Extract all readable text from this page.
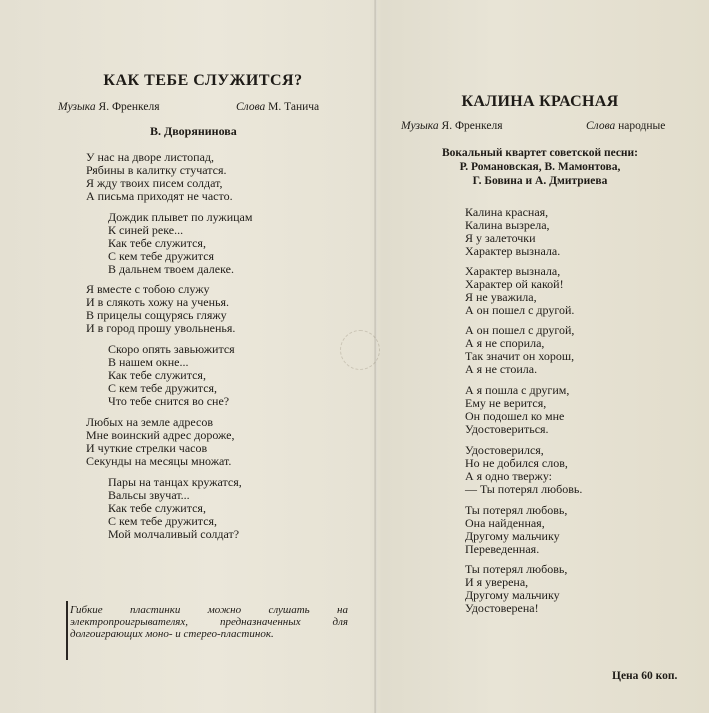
КАК ТЕБЕ СЛУЖИТСЯ?
Музыка Я. Френкеля	Слова М. Танича
В. Дворянинова
У нас на дворе листопад,
Рябины в калитку стучатся.
Я жду твоих писем солдат,
А письма приходят не часто.
Дождик плывет по лужицам
К синей реке...
Как тебе служится,
С кем тебе дружится
В дальнем твоем далеке.
Я вместе с тобою служу
И в слякоть хожу на ученья.
В прицелы сощурясь гляжу
И в город прошу увольненья.
Скоро опять завьюжится
В нашем окне...
Как тебе служится,
С кем тебе дружится,
Что тебе снится во сне?
Любых на земле адресов
Мне воинский адрес дороже,
И чуткие стрелки часов
Секунды на месяцы множат.
Пары на танцах кружатся,
Вальсы звучат...
Как тебе служится,
С кем тебе дружится,
Мой молчаливый солдат?
Гибкие пластинки можно слушать на электропроигрывателях, предназначенных для долгоиграющих моно- и стерео-пластинок.
КАЛИНА КРАСНАЯ
Музыка Я. Френкеля	Слова народные
Вокальный квартет советской песни:
Р. Романовская, В. Мамонтова,
Г. Бовина и А. Дмитриева
Калина красная,
Калина вызрела,
Я у залеточки
Характер вызнала.
Характер вызнала,
Характер ой какой!
Я не уважила,
А он пошел с другой.
А он пошел с другой,
А я не спорила,
Так значит он хорош,
А я не стоила.
А я пошла с другим,
Ему не верится,
Он подошел ко мне
Удостовериться.
Удостоверился,
Но не добился слов,
А я одно твержу:
— Ты потерял любовь.
Ты потерял любовь,
Она найденная,
Другому мальчику
Переведенная.
Ты потерял любовь,
И я уверена,
Другому мальчику
Удостоверена!
Цена 60 коп.
